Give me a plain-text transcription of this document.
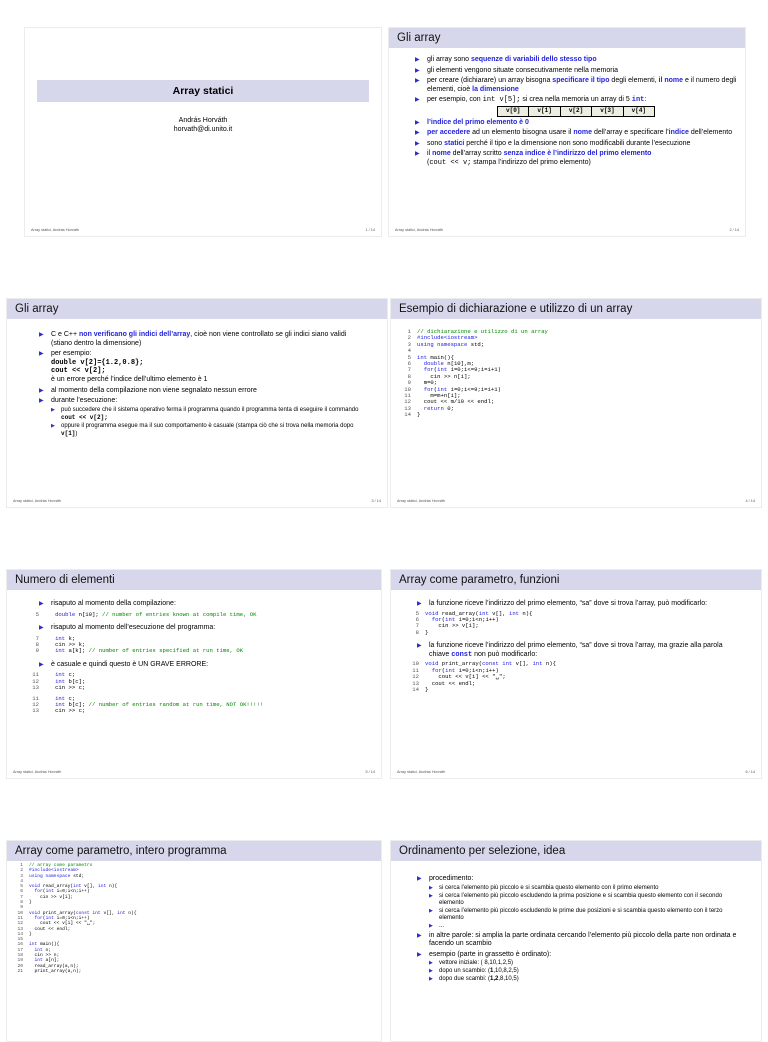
Array statici
András Horváth
horvath@di.unito.it
Array statici, András Horváth	1 / 14
Gli array
▶ gli array sono sequenze di variabili dello stesso tipo
▶ gli elementi vengono situate consecutivamente nella memoria
▶ per creare (dichiarare) un array bisogna specificare il tipo degli elementi, il nome e il numero degli elementi, cioè la dimensione
▶ per esempio, con int v[5]; si crea nella memoria un array di 5 int:
v[0]	v[1]	v[2]	v[3]	v[4]
▶ l’indice del primo elemento è 0
▶ per accedere ad un elemento bisogna usare il nome dell’array e specificare l’indice dell’elemento
▶ sono statici perché il tipo e la dimensione non sono modificabili durante l’esecuzione
▶ il nome dell’array scritto senza indice è l’indirizzo del primo elemento
(cout << v; stampa l’indirizzo del primo elemento)
Array statici, András Horváth	2 / 14
Gli array
▶ C e C++ non verificano gli indici dell’array, cioè non viene controllato se gli indici siano validi (stiano dentro la dimensione)
▶ per esempio:
double v[2]={1.2,0.8};
cout << v[2];
è un errore perché l’indice dell’ultimo elemento è 1
▶ al momento della compilazione non viene segnalato nessun errore
▶ durante l’esecuzione:
▶ può succedere che il sistema operativo ferma il programma quando il programma tenta di eseguire il commando cout << v[2];
▶ oppure il programma esegue ma il suo comportamento è casuale (stampa ciò che si trova nella memoria dopo v[1])
Array statici, András Horváth	3 / 14
Esempio di dichiarazione e utilizzo di un array
1 // dichiarazione e utilizzo di un array
2 #include<iostream>
3 using namespace std;
4
5 int main(){
6 double n[10],m;
7 for(int i=0;i<=9;i=i+1)
8	cin >> n[i];
9  m=0;
10 for(int i=0;i<=9;i=i+1)
11	m=m+n[i];
12  cout << m/10 << endl;
13 return 0;
14 }
Array statici, András Horváth	4 / 14
Numero di elementi
▶ risaputo al momento della compilazione:
5	double n[10]; // number of entries known at compile time, OK
▶ risaputo al momento dell’esecuzione del programma:
7	int k;
8	cin >> k;
9	int a[k]; // number of entries specified at run time, OK
▶ è casuale e quindi questo è UN GRAVE ERRORE:
11	int c;
12	int b[c];
13   cin >> c;
11	int c;
12	int b[c]; // number of entries random at run time, NOT OK!!!!!
13   cin >> c;
Array statici, András Horváth	5 / 14
Array come parametro, funzioni
▶ la funzione riceve l’indirizzo del primo elemento, “sa” dove si trova l’array, può modificarlo:
5 void read_array(int v[], int n){
6 for(int i=0;i<n;i++)
7	cin >> v[i];
8 }
▶ la funzione riceve l’indirizzo del primo elemento, “sa” dove si trova l’array, ma grazie alla parola chiave const non può modificarlo:
10 void print_array(const int v[], int n){
11 for(int i=0;i<n;i++)
12	cout << v[i] << "␣";
13  cout << endl;
14 }
Array statici, András Horváth	6 / 14
Array come parametro, intero programma
1 // array come parametro
2 #include<iostream>
3 using namespace std;
4
5 void read_array(int v[], int n){
6	for(int i=0;i<n;i++)
7	cin >> v[i];
8 }
9
10 void print_array(const int v[], int n){
11	for(int i=0;i<n;i++)
12	cout << v[i] << "␣";
13	cout << endl;
14 }
15
16 int main(){
17	int n;
18	cin >> n;
19	int a[n];
20	read_array(a,n);
21  print_array(a,n);
Ordinamento per selezione, idea
▶ procedimento:
▶ si cerca l’elemento più piccolo e si scambia questo elemento con il primo elemento
▶ si cerca l’elemento più piccolo escludendo la prima posizione e si scambia questo elemento con il secondo elemento
▶ si cerca l’elemento più piccolo escludendo le prime due posizioni e si scambia questo elemento con il terzo elemento
▶ ...
▶ in altre parole: si amplia la parte ordinata cercando l’elemento più piccolo della parte non ordinata e facendo un scambio
▶ esempio (parte in grassetto è ordinato):
▶ vettore iniziale: ( 8,10,1,2,5)
▶ dopo un scambio: (1,10,8,2,5)
▶ dopo due scambi: (1,2,8,10,5)
